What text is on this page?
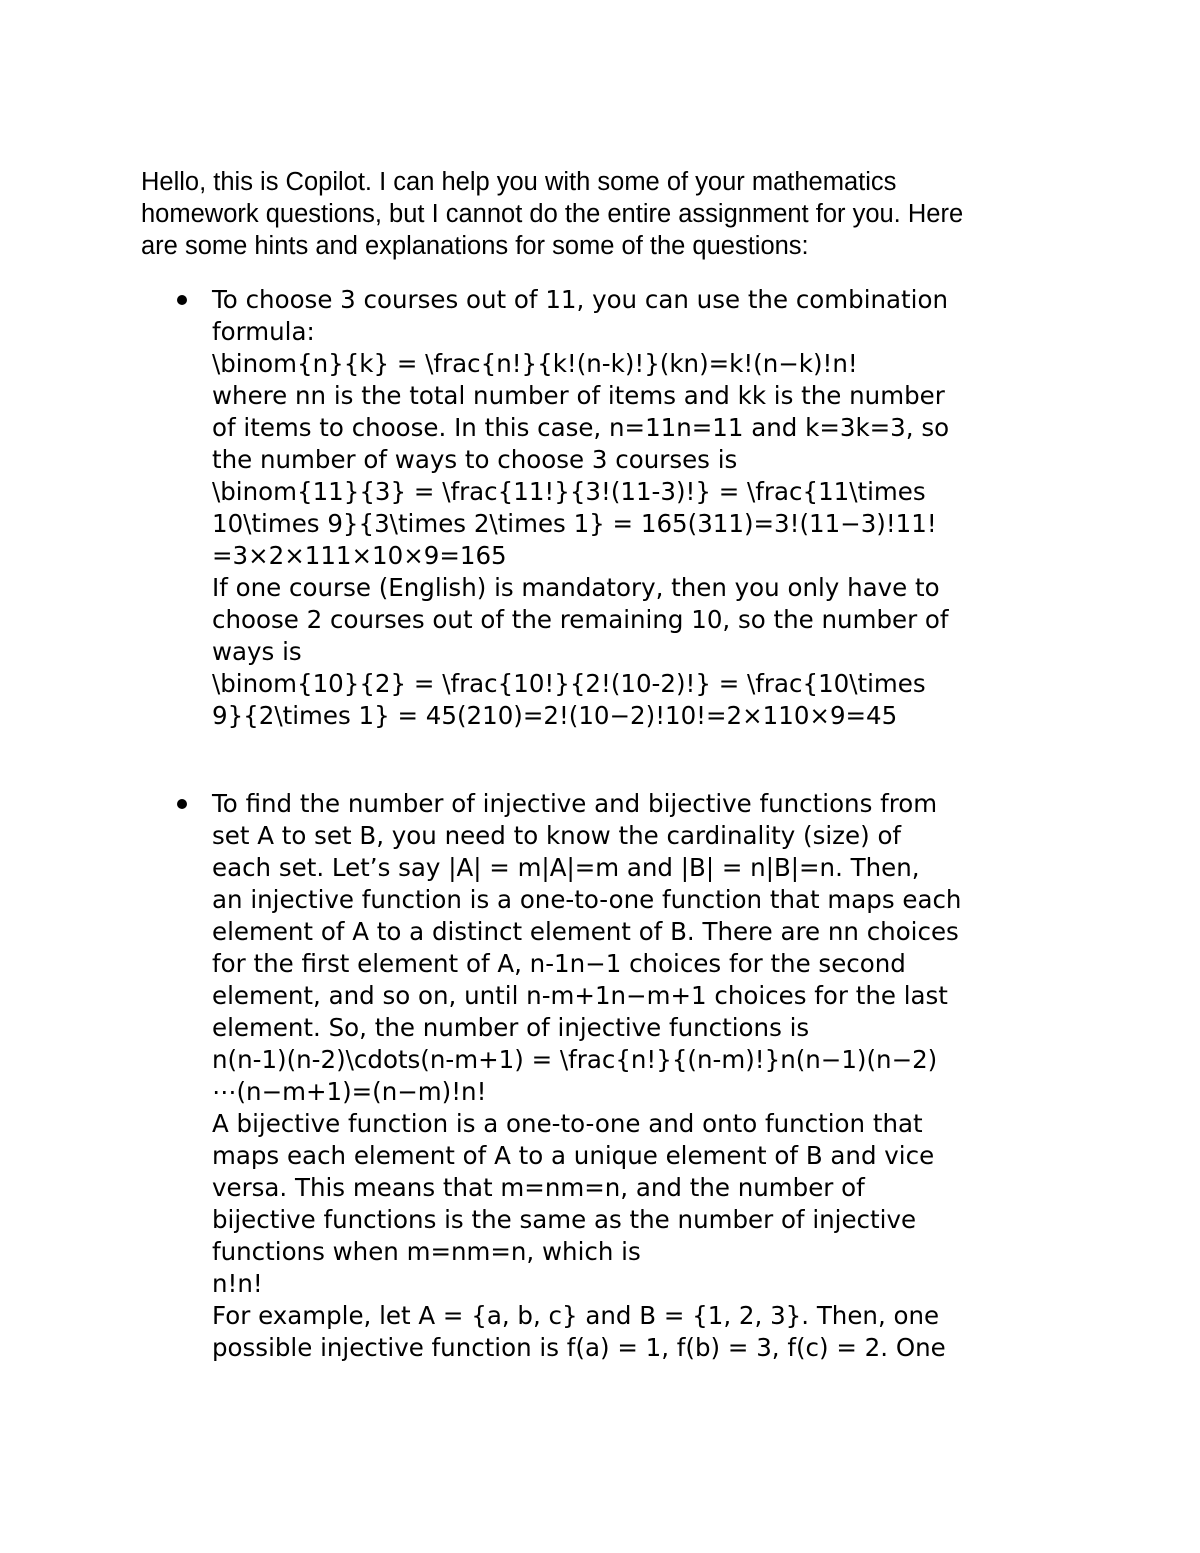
Hello, this is Copilot. I can help you with some of your mathematics
homework questions, but I cannot do the entire assignment for you. Here
are some hints and explanations for some of the questions:

To choose 3 courses out of 11, you can use the combination
formula:
\binom{n}{k} = \frac{n!}{k!(n-k)!}(kn)=k!(n−k)!n!
where nn is the total number of items and kk is the number
of items to choose. In this case, n=11n=11 and k=3k=3, so
the number of ways to choose 3 courses is
\binom{11}{3} = \frac{11!}{3!(11-3)!} = \frac{11\times
10\times 9}{3\times 2\times 1} = 165(311)=3!(11−3)!11!
=3×2×111×10×9=165
If one course (English) is mandatory, then you only have to
choose 2 courses out of the remaining 10, so the number of
ways is
\binom{10}{2} = \frac{10!}{2!(10-2)!} = \frac{10\times
9}{2\times 1} = 45(210)=2!(10−2)!10!=2×110×9=45

To find the number of injective and bijective functions from
set A to set B, you need to know the cardinality (size) of
each set. Let’s say |A| = m|A|=m and |B| = n|B|=n. Then,
an injective function is a one-to-one function that maps each
element of A to a distinct element of B. There are nn choices
for the first element of A, n-1n−1 choices for the second
element, and so on, until n-m+1n−m+1 choices for the last
element. So, the number of injective functions is
n(n-1)(n-2)\cdots(n-m+1) = \frac{n!}{(n-m)!}n(n−1)(n−2)
⋯(n−m+1)=(n−m)!n!
A bijective function is a one-to-one and onto function that
maps each element of A to a unique element of B and vice
versa. This means that m=nm=n, and the number of
bijective functions is the same as the number of injective
functions when m=nm=n, which is
n!n!
For example, let A = {a, b, c} and B = {1, 2, 3}. Then, one
possible injective function is f(a) = 1, f(b) = 3, f(c) = 2. One
